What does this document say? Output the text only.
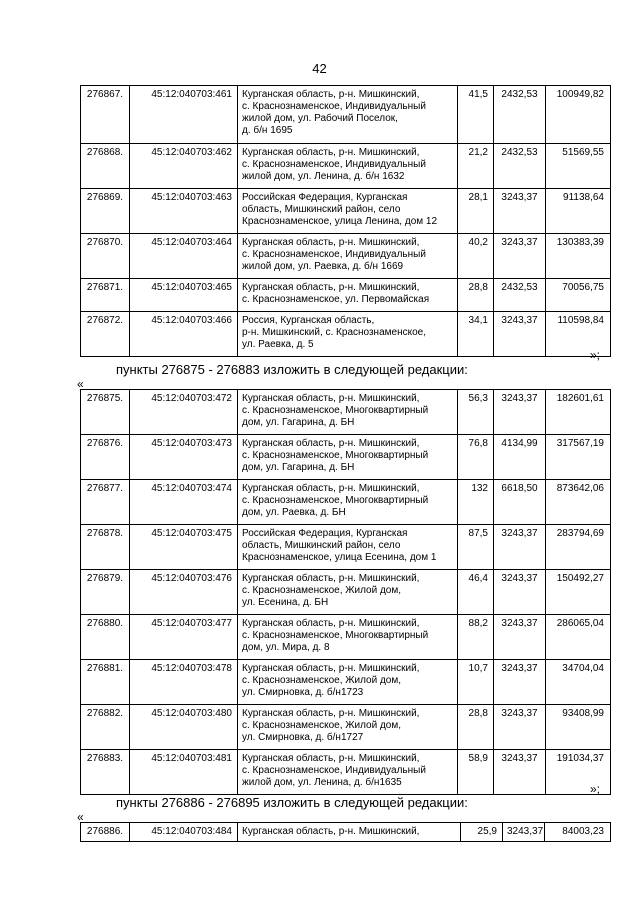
42
276867.	45:12:040703:461	Курганская область, р-н. Мишкинский,
с. Краснознаменское, Индивидуальный
жилой дом, ул. Рабочий Поселок,
д. б/н 1695	41,5	2432,53	100949,82
276868.	45:12:040703:462	Курганская область, р-н. Мишкинский,
с. Краснознаменское, Индивидуальный
жилой дом, ул. Ленина, д. б/н 1632	21,2	2432,53	51569,55
276869.	45:12:040703:463	Российская Федерация, Курганская
область, Мишкинский район, село
Краснознаменское, улица Ленина, дом 12	28,1	3243,37	91138,64
276870.	45:12:040703:464	Курганская область, р-н. Мишкинский,
с. Краснознаменское, Индивидуальный
жилой дом, ул. Раевка, д. б/н 1669	40,2	3243,37	130383,39
276871.	45:12:040703:465	Курганская область, р-н. Мишкинский,
с. Краснознаменское, ул. Первомайская	28,8	2432,53	70056,75
276872.	45:12:040703:466	Россия, Курганская область,
р-н. Мишкинский, с. Краснознаменское,
ул. Раевка, д. 5	34,1	3243,37	110598,84
»;
пункты 276875 - 276883 изложить в следующей редакции:
«
276875.	45:12:040703:472	Курганская область, р-н. Мишкинский,
с. Краснознаменское, Многоквартирный
дом, ул. Гагарина, д. БН	56,3	3243,37	182601,61
276876.	45:12:040703:473	Курганская область, р-н. Мишкинский,
с. Краснознаменское, Многоквартирный
дом, ул. Гагарина, д. БН	76,8	4134,99	317567,19
276877.	45:12:040703:474	Курганская область, р-н. Мишкинский,
с. Краснознаменское, Многоквартирный
дом, ул. Раевка, д. БН	132	6618,50	873642,06
276878.	45:12:040703:475	Российская Федерация, Курганская
область, Мишкинский район, село
Краснознаменское, улица Есенина, дом 1	87,5	3243,37	283794,69
276879.	45:12:040703:476	Курганская область, р-н. Мишкинский,
с. Краснознаменское, Жилой дом,
ул. Есенина, д. БН	46,4	3243,37	150492,27
276880.	45:12:040703:477	Курганская область, р-н. Мишкинский,
с. Краснознаменское, Многоквартирный
дом, ул. Мира, д. 8	88,2	3243,37	286065,04
276881.	45:12:040703:478	Курганская область, р-н. Мишкинский,
с. Краснознаменское, Жилой дом,
ул. Смирновка, д. б/н1723	10,7	3243,37	34704,04
276882.	45:12:040703:480	Курганская область, р-н. Мишкинский,
с. Краснознаменское, Жилой дом,
ул. Смирновка, д. б/н1727	28,8	3243,37	93408,99
276883.	45:12:040703:481	Курганская область, р-н. Мишкинский,
с. Краснознаменское, Индивидуальный
жилой дом, ул. Ленина, д. б/н1635	58,9	3243,37	191034,37
»;
пункты 276886 - 276895 изложить в следующей редакции:
«
276886.	45:12:040703:484	Курганская область, р-н. Мишкинский,	25,9	3243,37	84003,23
